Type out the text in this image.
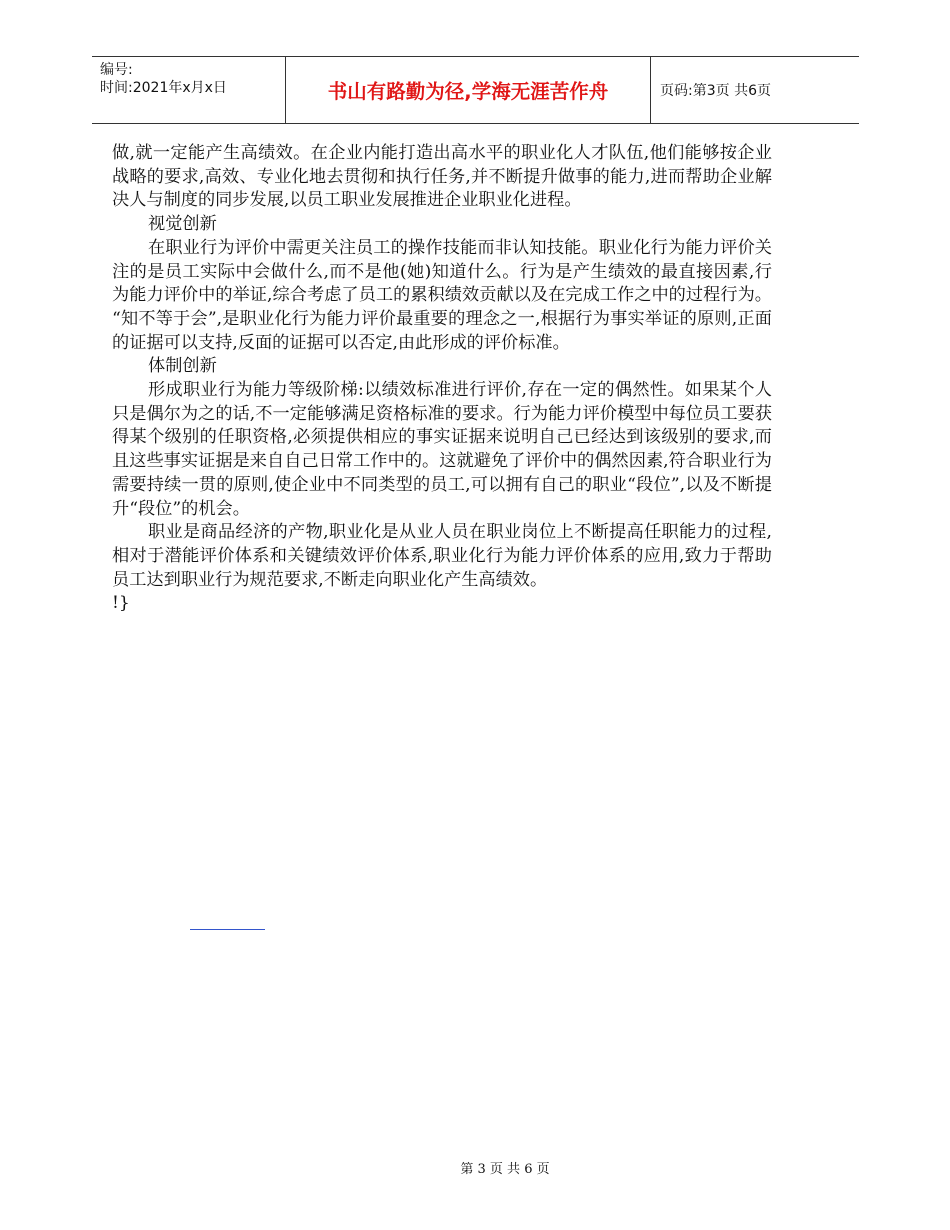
编号:
时间:2021年x月x日	书山有路勤为径,学海无涯苦作舟	页码:第3页 共6页

做,就一定能产生高绩效。在企业内能打造出高水平的职业化人才队伍,他们能够按企业战略的要求,高效、专业化地去贯彻和执行任务,并不断提升做事的能力,进而帮助企业解决人与制度的同步发展,以员工职业发展推进企业职业化进程。

视觉创新

在职业行为评价中需更关注员工的操作技能而非认知技能。职业化行为能力评价关注的是员工实际中会做什么,而不是他(她)知道什么。行为是产生绩效的最直接因素,行为能力评价中的举证,综合考虑了员工的累积绩效贡献以及在完成工作之中的过程行为。 “知不等于会”,是职业化行为能力评价最重要的理念之一,根据行为事实举证的原则,正面的证据可以支持,反面的证据可以否定,由此形成的评价标准。

体制创新

形成职业行为能力等级阶梯:以绩效标准进行评价,存在一定的偶然性。如果某个人只是偶尔为之的话,不一定能够满足资格标准的要求。行为能力评价模型中每位员工要获得某个级别的任职资格,必须提供相应的事实证据来说明自己已经达到该级别的要求,而且这些事实证据是来自自己日常工作中的。这就避免了评价中的偶然因素,符合职业行为需要持续一贯的原则,使企业中不同类型的员工,可以拥有自己的职业“段位”,以及不断提升“段位”的机会。

职业是商品经济的产物,职业化是从业人员在职业岗位上不断提高任职能力的过程,相对于潜能评价体系和关键绩效评价体系,职业化行为能力评价体系的应用,致力于帮助员工达到职业行为规范要求,不断走向职业化产生高绩效。

!}

第 3 页 共 6 页
